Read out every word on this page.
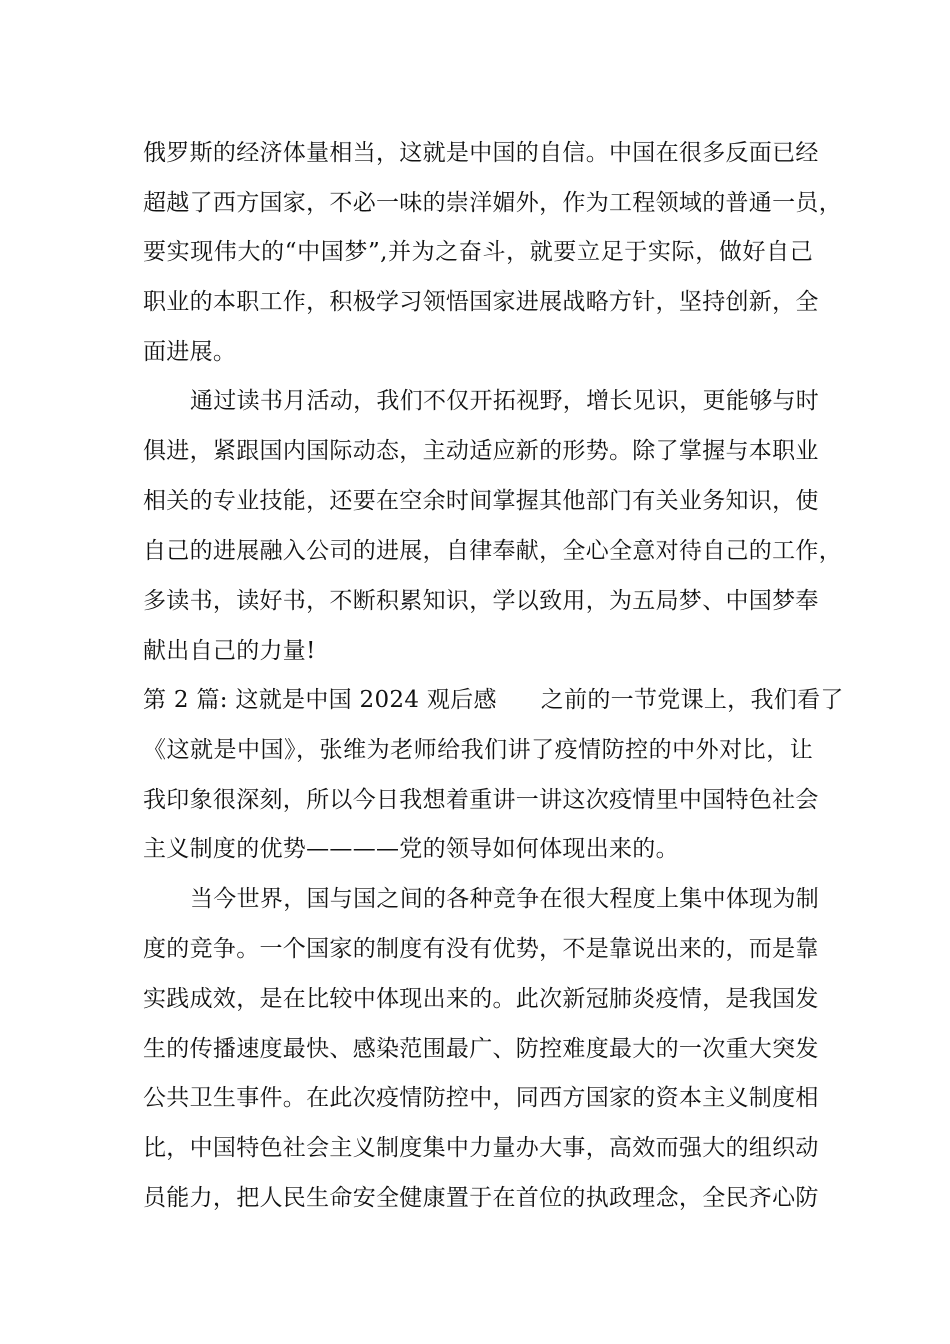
俄罗斯的经济体量相当，这就是中国的自信。中国在很多反面已经
超越了西方国家，不必一味的崇洋媚外，作为工程领域的普通一员，
要实现伟大的“中国梦”,并为之奋斗，就要立足于实际，做好自己
职业的本职工作，积极学习领悟国家进展战略方针，坚持创新，全
面进展。
通过读书月活动，我们不仅开拓视野，增长见识，更能够与时
俱进，紧跟国内国际动态，主动适应新的形势。除了掌握与本职业
相关的专业技能，还要在空余时间掌握其他部门有关业务知识，使
自己的进展融入公司的进展，自律奉献，全心全意对待自己的工作，
多读书，读好书，不断积累知识，学以致用，为五局梦、中国梦奉
献出自己的力量!
第 2 篇: 这就是中国 2024 观后感 之前的一节党课上，我们看了
《这就是中国》，张维为老师给我们讲了疫情防控的中外对比，让
我印象很深刻，所以今日我想着重讲一讲这次疫情里中国特色社会
主义制度的优势————党的领导如何体现出来的。
当今世界，国与国之间的各种竞争在很大程度上集中体现为制
度的竞争。一个国家的制度有没有优势，不是靠说出来的，而是靠
实践成效，是在比较中体现出来的。此次新冠肺炎疫情，是我国发
生的传播速度最快、感染范围最广、防控难度最大的一次重大突发
公共卫生事件。在此次疫情防控中，同西方国家的资本主义制度相
比，中国特色社会主义制度集中力量办大事，高效而强大的组织动
员能力，把人民生命安全健康置于在首位的执政理念，全民齐心防
